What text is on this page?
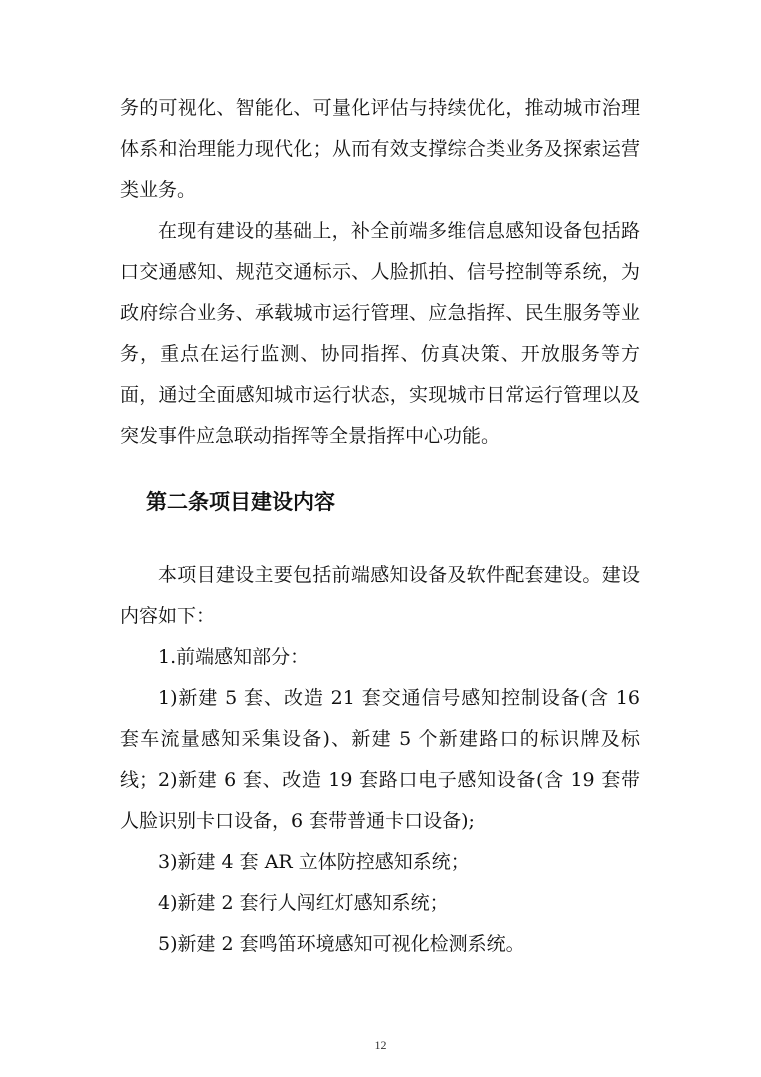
务的可视化、智能化、可量化评估与持续优化，推动城市治理体系和治理能力现代化；从而有效支撑综合类业务及探索运营类业务。

在现有建设的基础上，补全前端多维信息感知设备包括路口交通感知、规范交通标示、人脸抓拍、信号控制等系统，为政府综合业务、承载城市运行管理、应急指挥、民生服务等业务，重点在运行监测、协同指挥、仿真决策、开放服务等方面，通过全面感知城市运行状态，实现城市日常运行管理以及突发事件应急联动指挥等全景指挥中心功能。

第二条项目建设内容

本项目建设主要包括前端感知设备及软件配套建设。建设内容如下：

1.前端感知部分：

1)新建 5 套、改造 21 套交通信号感知控制设备(含 16 套车流量感知采集设备)、新建 5 个新建路口的标识牌及标线； 2)新建 6 套、改造 19 套路口电子感知设备(含 19 套带人脸识别卡口设备，6 套带普通卡口设备);

3)新建 4 套 AR 立体防控感知系统；

4)新建 2 套行人闯红灯感知系统；

5)新建 2 套鸣笛环境感知可视化检测系统。

12
